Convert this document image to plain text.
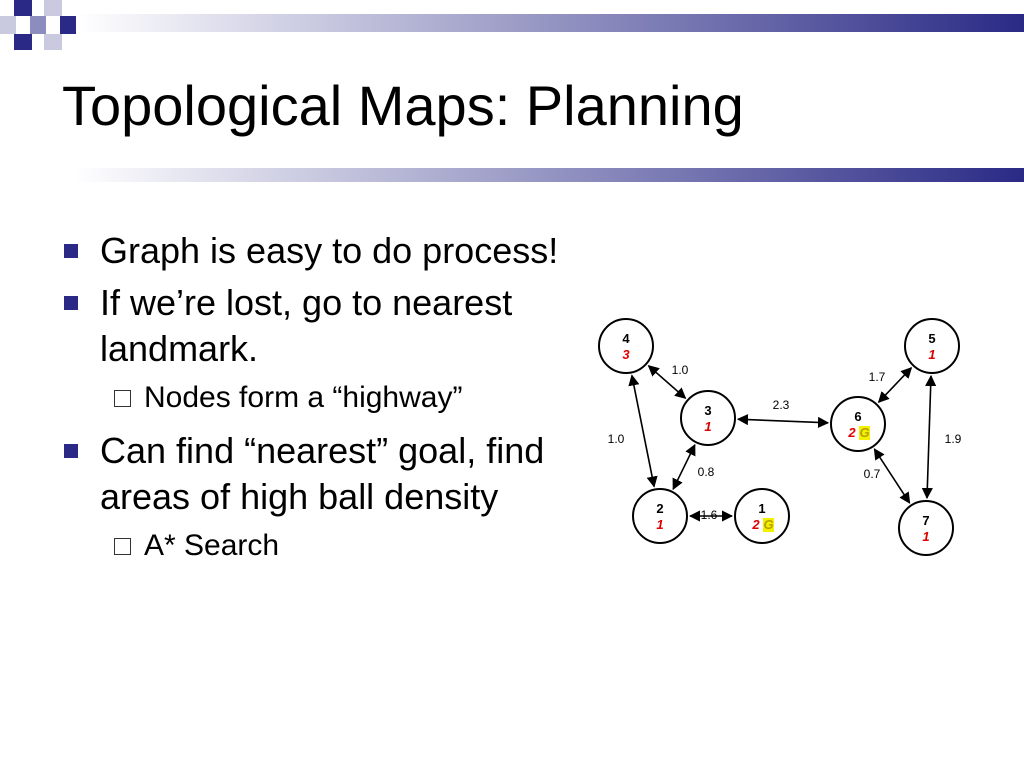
Topological Maps: Planning
Graph is easy to do process!
If we’re lost, go to nearest landmark.
Nodes form a “highway”
Can find “nearest” goal, find areas of high ball density
A* Search
1.0
1.0
0.8
2.3
1.6
1.7
0.7
1.9
4
3
5
1
3
1
6
2 G
2
1
1
2 G	7
1
